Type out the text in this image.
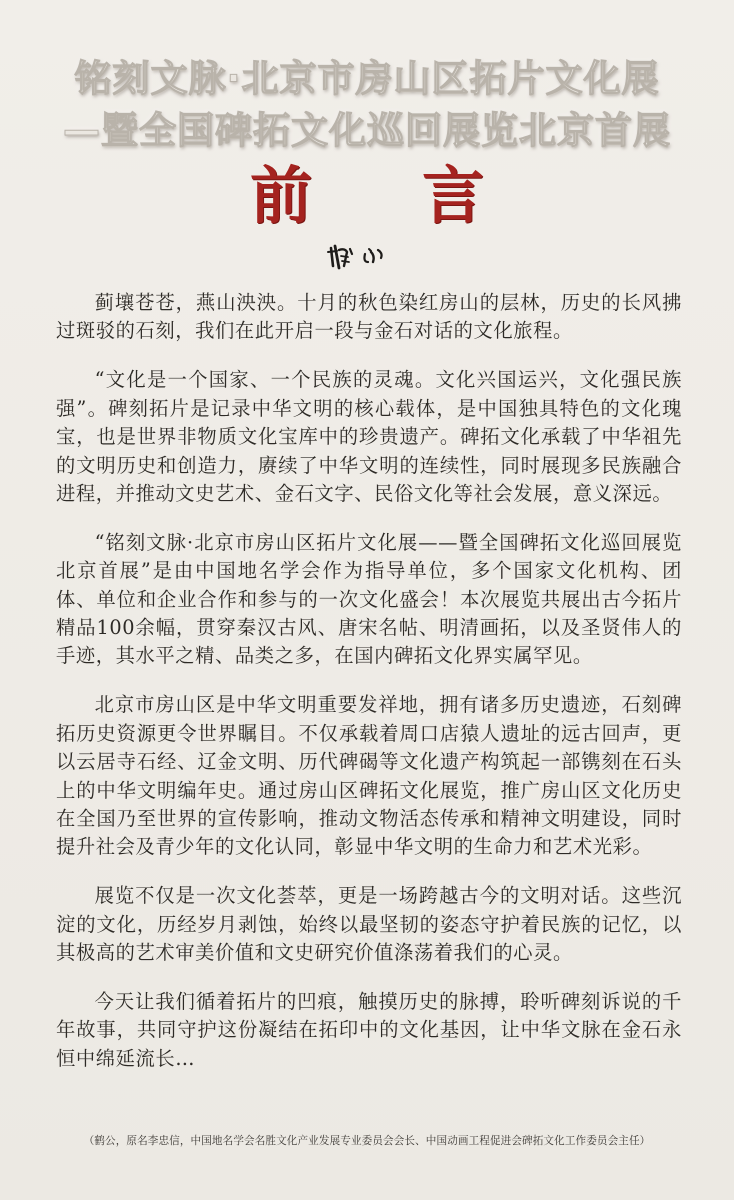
铭刻文脉·北京市房山区拓片文化展
—暨全国碑拓文化巡回展览北京首展
前言

蓟壤苍苍，燕山泱泱。十月的秋色染红房山的层林，历史的长风拂过斑驳的石刻，我们在此开启一段与金石对话的文化旅程。

“文化是一个国家、一个民族的灵魂。文化兴国运兴，文化强民族强”。碑刻拓片是记录中华文明的核心载体，是中国独具特色的文化瑰宝，也是世界非物质文化宝库中的珍贵遗产。碑拓文化承载了中华祖先的文明历史和创造力，赓续了中华文明的连续性，同时展现多民族融合进程，并推动文史艺术、金石文字、民俗文化等社会发展，意义深远。

“铭刻文脉·北京市房山区拓片文化展——暨全国碑拓文化巡回展览北京首展”是由中国地名学会作为指导单位，多个国家文化机构、团体、单位和企业合作和参与的一次文化盛会！本次展览共展出古今拓片精品100余幅，贯穿秦汉古风、唐宋名帖、明清画拓，以及圣贤伟人的手迹，其水平之精、品类之多，在国内碑拓文化界实属罕见。

北京市房山区是中华文明重要发祥地，拥有诸多历史遗迹，石刻碑拓历史资源更令世界瞩目。不仅承载着周口店猿人遗址的远古回声，更以云居寺石经、辽金文明、历代碑碣等文化遗产构筑起一部镌刻在石头上的中华文明编年史。通过房山区碑拓文化展览，推广房山区文化历史在全国乃至世界的宣传影响，推动文物活态传承和精神文明建设，同时提升社会及青少年的文化认同，彰显中华文明的生命力和艺术光彩。

展览不仅是一次文化荟萃，更是一场跨越古今的文明对话。这些沉淀的文化，历经岁月剥蚀，始终以最坚韧的姿态守护着民族的记忆，以其极高的艺术审美价值和文史研究价值涤荡着我们的心灵。

今天让我们循着拓片的凹痕，触摸历史的脉搏，聆听碑刻诉说的千年故事，共同守护这份凝结在拓印中的文化基因，让中华文脉在金石永恒中绵延流长…

（鹤公，原名李忠信，中国地名学会名胜文化产业发展专业委员会会长、中国动画工程促进会碑拓文化工作委员会主任）
